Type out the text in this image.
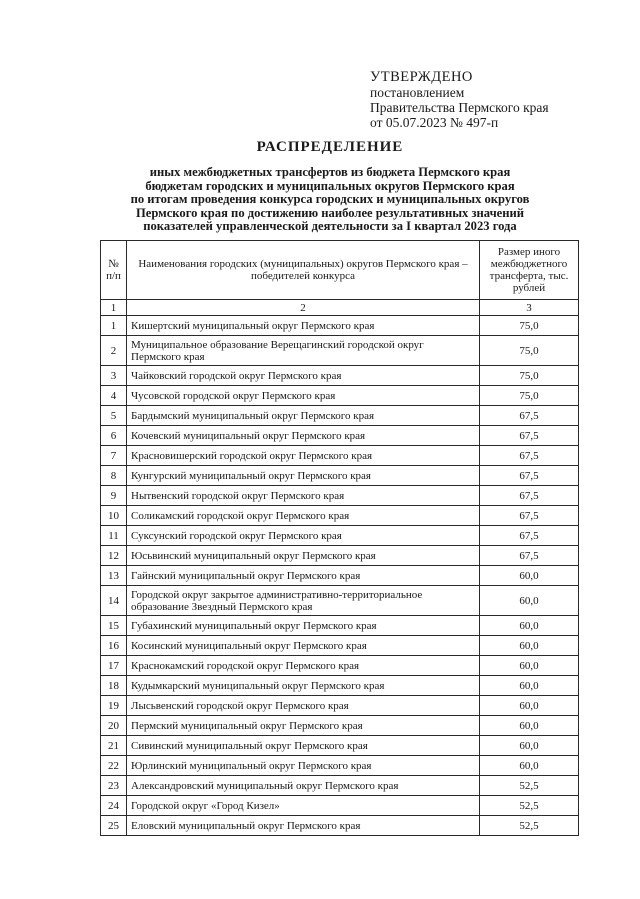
УТВЕРЖДЕНО
постановлением
Правительства Пермского края
от 05.07.2023 № 497-п
РАСПРЕДЕЛЕНИЕ
иных межбюджетных трансфертов из бюджета Пермского края
бюджетам городских и муниципальных округов Пермского края
по итогам проведения конкурса городских и муниципальных округов
Пермского края по достижению наиболее результативных значений
показателей управленческой деятельности за I квартал 2023 года
№ п/п	Наименования городских (муниципальных) округов Пермского края – победителей конкурса	Размер иного межбюджетного трансферта, тыс. рублей
1	2	3
1	Кишертский муниципальный округ Пермского края	75,0
2	Муниципальное образование Верещагинский городской округ Пермского края	75,0
3	Чайковский городской округ Пермского края	75,0
4	Чусовской городской округ Пермского края	75,0
5	Бардымский муниципальный округ Пермского края	67,5
6	Кочевский муниципальный округ Пермского края	67,5
7	Красновишерский городской округ Пермского края	67,5
8	Кунгурский муниципальный округ Пермского края	67,5
9	Нытвенский городской округ Пермского края	67,5
10	Соликамский городской округ Пермского края	67,5
11	Суксунский городской округ Пермского края	67,5
12	Юсьвинский муниципальный округ Пермского края	67,5
13	Гайнский муниципальный округ Пермского края	60,0
14	Городской округ закрытое административно-территориальное образование Звездный Пермского края	60,0
15	Губахинский муниципальный округ Пермского края	60,0
16	Косинский муниципальный округ Пермского края	60,0
17	Краснокамский городской округ Пермского края	60,0
18	Кудымкарский муниципальный округ Пермского края	60,0
19	Лысьвенский городской округ Пермского края	60,0
20	Пермский муниципальный округ Пермского края	60,0
21	Сивинский муниципальный округ Пермского края	60,0
22	Юрлинский муниципальный округ Пермского края	60,0
23	Александровский муниципальный округ Пермского края	52,5
24	Городской округ «Город Кизел»	52,5
25	Еловский муниципальный округ Пермского края	52,5
